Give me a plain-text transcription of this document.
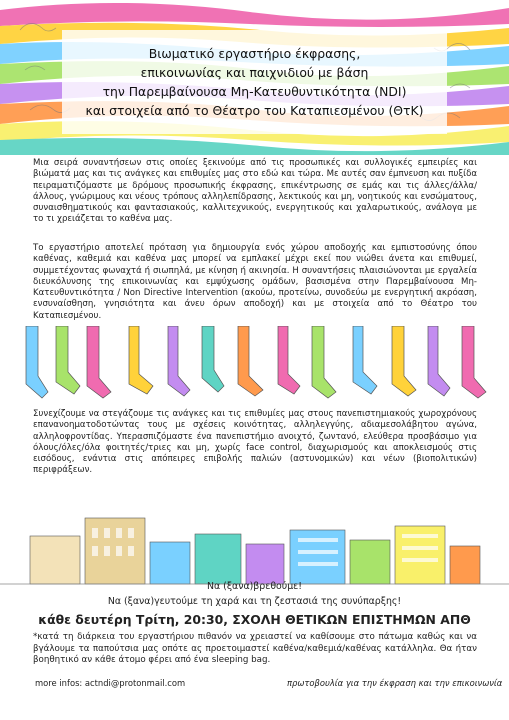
Βιωματικό εργαστήριο έκφρασης,
επικοινωνίας και παιχνιδιού με βάση
την Παρεμβαίνουσα Μη-Κατευθυντικότητα (NDI)
και στοιχεία από το Θέατρο του Καταπιεσμένου (ΘτΚ)

Μια σειρά συναντήσεων στις οποίες ξεκινούμε από τις προσωπικές και συλλογικές εμπειρίες και βιώματά μας και τις ανάγκες και επιθυμίες μας στο εδώ και τώρα. Με αυτές σαν έμπνευση και πυξίδα πειραματιζόμαστε με δρόμους προσωπικής έκφρασης, επικέντρωσης σε εμάς και τις άλλες/άλλα/άλλους, γνώριμους και νέους τρόπους αλληλεπίδρασης, λεκτικούς και μη, νοητικούς και ενσώματους, συναισθηματικούς και φαντασιακούς, καλλιτεχνικούς, ενεργητικούς και χαλαρωτικούς, ανάλογα με το τι χρειάζεται το καθένα μας.

Το εργαστήριο αποτελεί πρόταση για δημιουργία ενός χώρου αποδοχής και εμπιστοσύνης όπου καθένας, καθεμιά και καθένα μας μπορεί να εμπλακεί μέχρι εκεί που νιώθει άνετα και επιθυμεί, συμμετέχοντας φωναχτά ή σιωπηλά, με κίνηση ή ακινησία. Η συναντήσεις πλαισιώνονται με εργαλεία διευκόλυνσης της επικοινωνίας και εμψύχωσης ομάδων, βασισμένα στην Παρεμβαίνουσα Μη-Κατευθυντικότητα / Non Directive Intervention (ακούω, προτείνω, συνοδεύω με ενεργητική ακρόαση, ενσυναίσθηση, γνησιότητα και άνευ όρων αποδοχή) και με στοιχεία από το Θέατρο του Καταπιεσμένου.

Συνεχίζουμε να στεγάζουμε τις ανάγκες και τις επιθυμίες μας στους πανεπιστημιακούς χωροχρόνους επανανοηματοδοτώντας τους με σχέσεις κοινότητας, αλληλεγγύης, αδιαμεσολάβητου αγώνα, αλληλοφροντίδας. Υπερασπιζόμαστε ένα πανεπιστήμιο ανοιχτό, ζωντανό, ελεύθερα προσβάσιμο για όλους/όλες/όλα φοιτητές/τριες και μη, χωρίς face control, διαχωρισμούς και αποκλεισμούς στις εισόδους, ενάντια στις απόπειρες επιβολής παλιών (αστυνομικών) και νέων (βιοπολιτικών) περιφράξεων.

Να (ξανα)βρεθούμε!
Να (ξανα)γευτούμε τη χαρά και τη ζεστασιά της συνύπαρξης!
κάθε δευτέρη Τρίτη, 20:30, ΣΧΟΛΗ ΘΕΤΙΚΩΝ ΕΠΙΣΤΗΜΩΝ ΑΠΘ

*κατά τη διάρκεια του εργαστήριου πιθανόν να χρειαστεί να καθίσουμε στο πάτωμα καθώς και να βγάλουμε τα παπούτσια μας οπότε ας προετοιμαστεί καθένα/καθεμιά/καθένας κατάλληλα. Θα ήταν βοηθητικό αν κάθε άτομο φέρει από ένα sleeping bag.

more infos: actndi@protonmail.com	πρωτοβουλία για την έκφραση και την επικοινωνία
